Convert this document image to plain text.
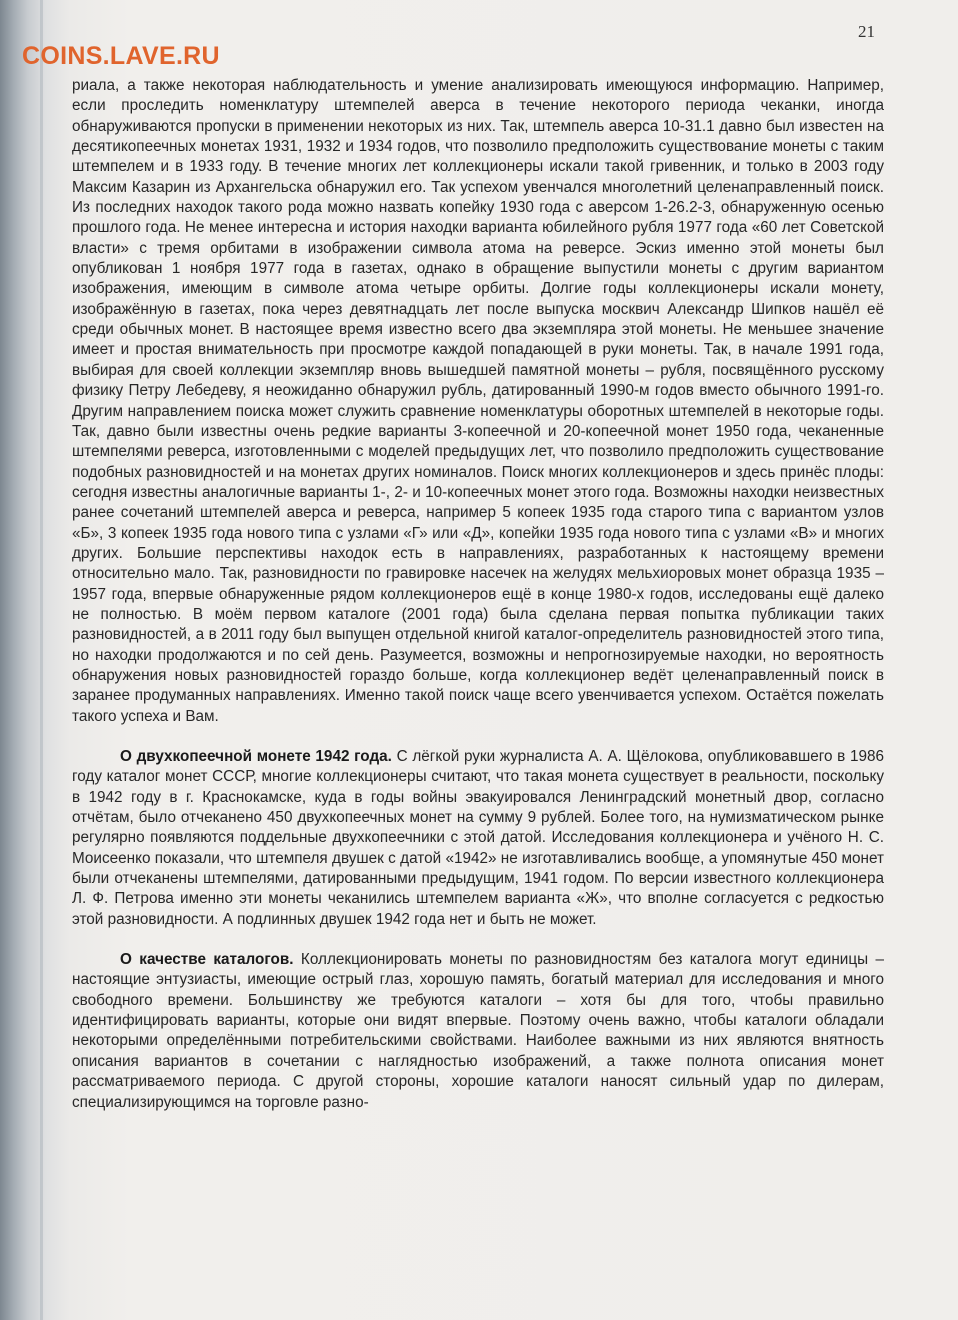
COINS.LAVE.RU
21

риала, а также некоторая наблюдательность и умение анализировать имеющуюся информацию. Например, если проследить номенклатуру штемпелей аверса в течение некоторого периода чеканки, иногда обнаруживаются пропуски в применении некоторых из них. Так, штемпель аверса 10-31.1 давно был известен на десятикопеечных монетах 1931, 1932 и 1934 годов, что позволило предположить существование монеты с таким штемпелем и в 1933 году. В течение многих лет коллекционеры искали такой гривенник, и только в 2003 году Максим Казарин из Архангельска обнаружил его. Так успехом увенчался многолетний целенаправленный поиск. Из последних находок такого рода можно назвать копейку 1930 года с аверсом 1-26.2-3, обнаруженную осенью прошлого года. Не менее интересна и история находки варианта юбилейного рубля 1977 года «60 лет Советской власти» с тремя орбитами в изображении символа атома на реверсе. Эскиз именно этой монеты был опубликован 1 ноября 1977 года в газетах, однако в обращение выпустили монеты с другим вариантом изображения, имеющим в символе атома четыре орбиты. Долгие годы коллекционеры искали монету, изображённую в газетах, пока через девятнадцать лет после выпуска москвич Александр Шипков нашёл её среди обычных монет. В настоящее время известно всего два экземпляра этой монеты. Не меньшее значение имеет и простая внимательность при просмотре каждой попадающей в руки монеты. Так, в начале 1991 года, выбирая для своей коллекции экземпляр вновь вышедшей памятной монеты – рубля, посвящённого русскому физику Петру Лебедеву, я неожиданно обнаружил рубль, датированный 1990-м годов вместо обычного 1991-го. Другим направлением поиска может служить сравнение номенклатуры оборотных штемпелей в некоторые годы. Так, давно были известны очень редкие варианты 3-копеечной и 20-копеечной монет 1950 года, чеканенные штемпелями реверса, изготовленными с моделей предыдущих лет, что позволило предположить существование подобных разновидностей и на монетах других номиналов. Поиск многих коллекционеров и здесь принёс плоды: сегодня известны аналогичные варианты 1-, 2- и 10-копеечных монет этого года. Возможны находки неизвестных ранее сочетаний штемпелей аверса и реверса, например 5 копеек 1935 года старого типа с вариантом узлов «Б», 3 копеек 1935 года нового типа с узлами «Г» или «Д», копейки 1935 года нового типа с узлами «В» и многих других. Большие перспективы находок есть в направлениях, разработанных к настоящему времени относительно мало. Так, разновидности по гравировке насечек на желудях мельхиоровых монет образца 1935 – 1957 года, впервые обнаруженные рядом коллекционеров ещё в конце 1980-х годов, исследованы ещё далеко не полностью. В моём первом каталоге (2001 года) была сделана первая попытка публикации таких разновидностей, а в 2011 году был выпущен отдельной книгой каталог-определитель разновидностей этого типа, но находки продолжаются и по сей день. Разумеется, возможны и непрогнозируемые находки, но вероятность обнаружения новых разновидностей гораздо больше, когда коллекционер ведёт целенаправленный поиск в заранее продуманных направлениях. Именно такой поиск чаще всего увенчивается успехом. Остаётся пожелать такого успеха и Вам.

О двухкопеечной монете 1942 года. С лёгкой руки журналиста А. А. Щёлокова, опубликовавшего в 1986 году каталог монет СССР, многие коллекционеры считают, что такая монета существует в реальности, поскольку в 1942 году в г. Краснокамске, куда в годы войны эвакуировался Ленинградский монетный двор, согласно отчётам, было отчеканено 450 двухкопеечных монет на сумму 9 рублей. Более того, на нумизматическом рынке регулярно появляются поддельные двухкопеечники с этой датой. Исследования коллекционера и учёного Н. С. Моисеенко показали, что штемпеля двушек с датой «1942» не изготавливались вообще, а упомянутые 450 монет были отчеканены штемпелями, датированными предыдущим, 1941 годом. По версии известного коллекционера Л. Ф. Петрова именно эти монеты чеканились штемпелем варианта «Ж», что вполне согласуется с редкостью этой разновидности. А подлинных двушек 1942 года нет и быть не может.

О качестве каталогов. Коллекционировать монеты по разновидностям без каталога могут единицы – настоящие энтузиасты, имеющие острый глаз, хорошую память, богатый материал для исследования и много свободного времени. Большинству же требуются каталоги – хотя бы для того, чтобы правильно идентифицировать варианты, которые они видят впервые. Поэтому очень важно, чтобы каталоги обладали некоторыми определёнными потребительскими свойствами. Наиболее важными из них являются внятность описания вариантов в сочетании с наглядностью изображений, а также полнота описания монет рассматриваемого периода. С другой стороны, хорошие каталоги наносят сильный удар по дилерам, специализирующимся на торговле разно-
